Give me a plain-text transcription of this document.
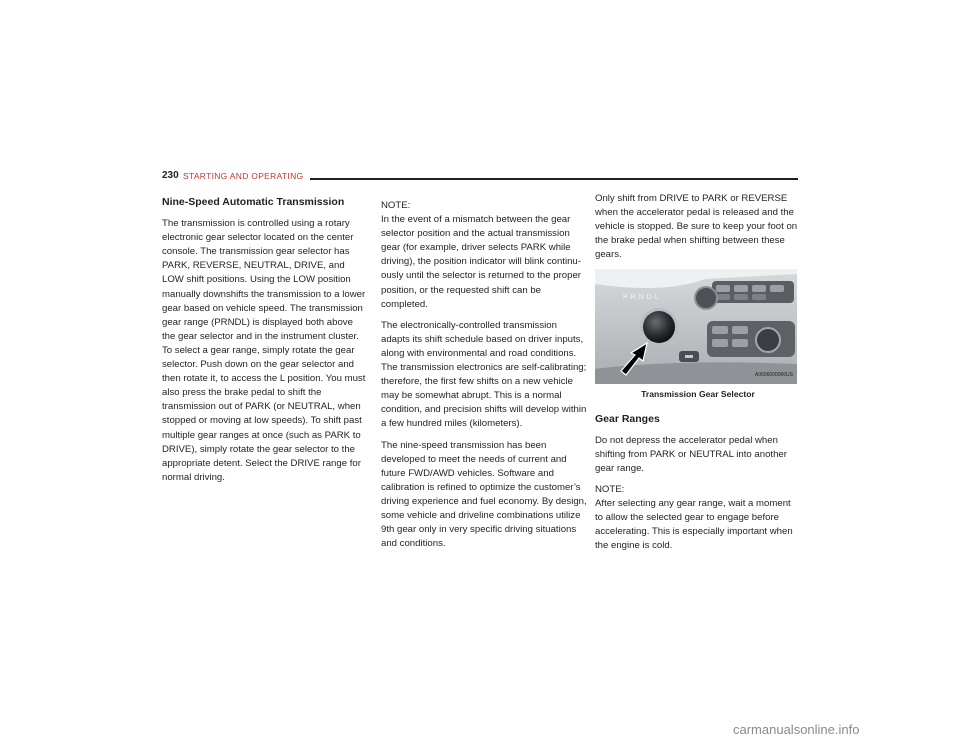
230 STARTING AND OPERATING
Nine-Speed Automatic Transmission

The transmission is controlled using a rotary electronic gear selector located on the center console. The transmission gear selector has PARK, REVERSE, NEUTRAL, DRIVE, and LOW shift positions. Using the LOW position manually downshifts the transmission to a lower gear based on vehicle speed. The transmission gear range (PRNDL) is displayed both above the gear selector and in the instrument cluster. To select a gear range, simply rotate the gear selector. Push down on the gear selector and then rotate it, to access the L position. You must also press the brake pedal to shift the transmission out of PARK (or NEUTRAL, when stopped or moving at low speeds). To shift past multiple gear ranges at once (such as PARK to DRIVE), simply rotate the gear selector to the appropriate detent. Select the DRIVE range for normal driving.

NOTE:
In the event of a mismatch between the gear selector position and the actual transmission gear (for example, driver selects PARK while driving), the position indicator will blink continu-ously until the selector is returned to the proper position, or the requested shift can be completed.

The electronically-controlled transmission adapts its shift schedule based on driver inputs, along with environmental and road conditions. The transmission electronics are self-calibrating; therefore, the first few shifts on a new vehicle may be somewhat abrupt. This is a normal condition, and precision shifts will develop within a few hundred miles (kilometers).

The nine-speed transmission has been developed to meet the needs of current and future FWD/AWD vehicles. Software and calibration is refined to optimize the customer’s driving experience and fuel economy. By design, some vehicle and driveline combinations utilize 9th gear only in very specific driving situations and conditions.

Only shift from DRIVE to PARK or REVERSE when the accelerator pedal is released and the vehicle is stopped. Be sure to keep your foot on the brake pedal when shifting between these gears.

PRNDL
A0606000066US
Transmission Gear Selector
Gear Ranges

Do not depress the accelerator pedal when shifting from PARK or NEUTRAL into another gear range.

NOTE:
After selecting any gear range, wait a moment to allow the selected gear to engage before accelerating. This is especially important when the engine is cold.

carmanualsonline.info
